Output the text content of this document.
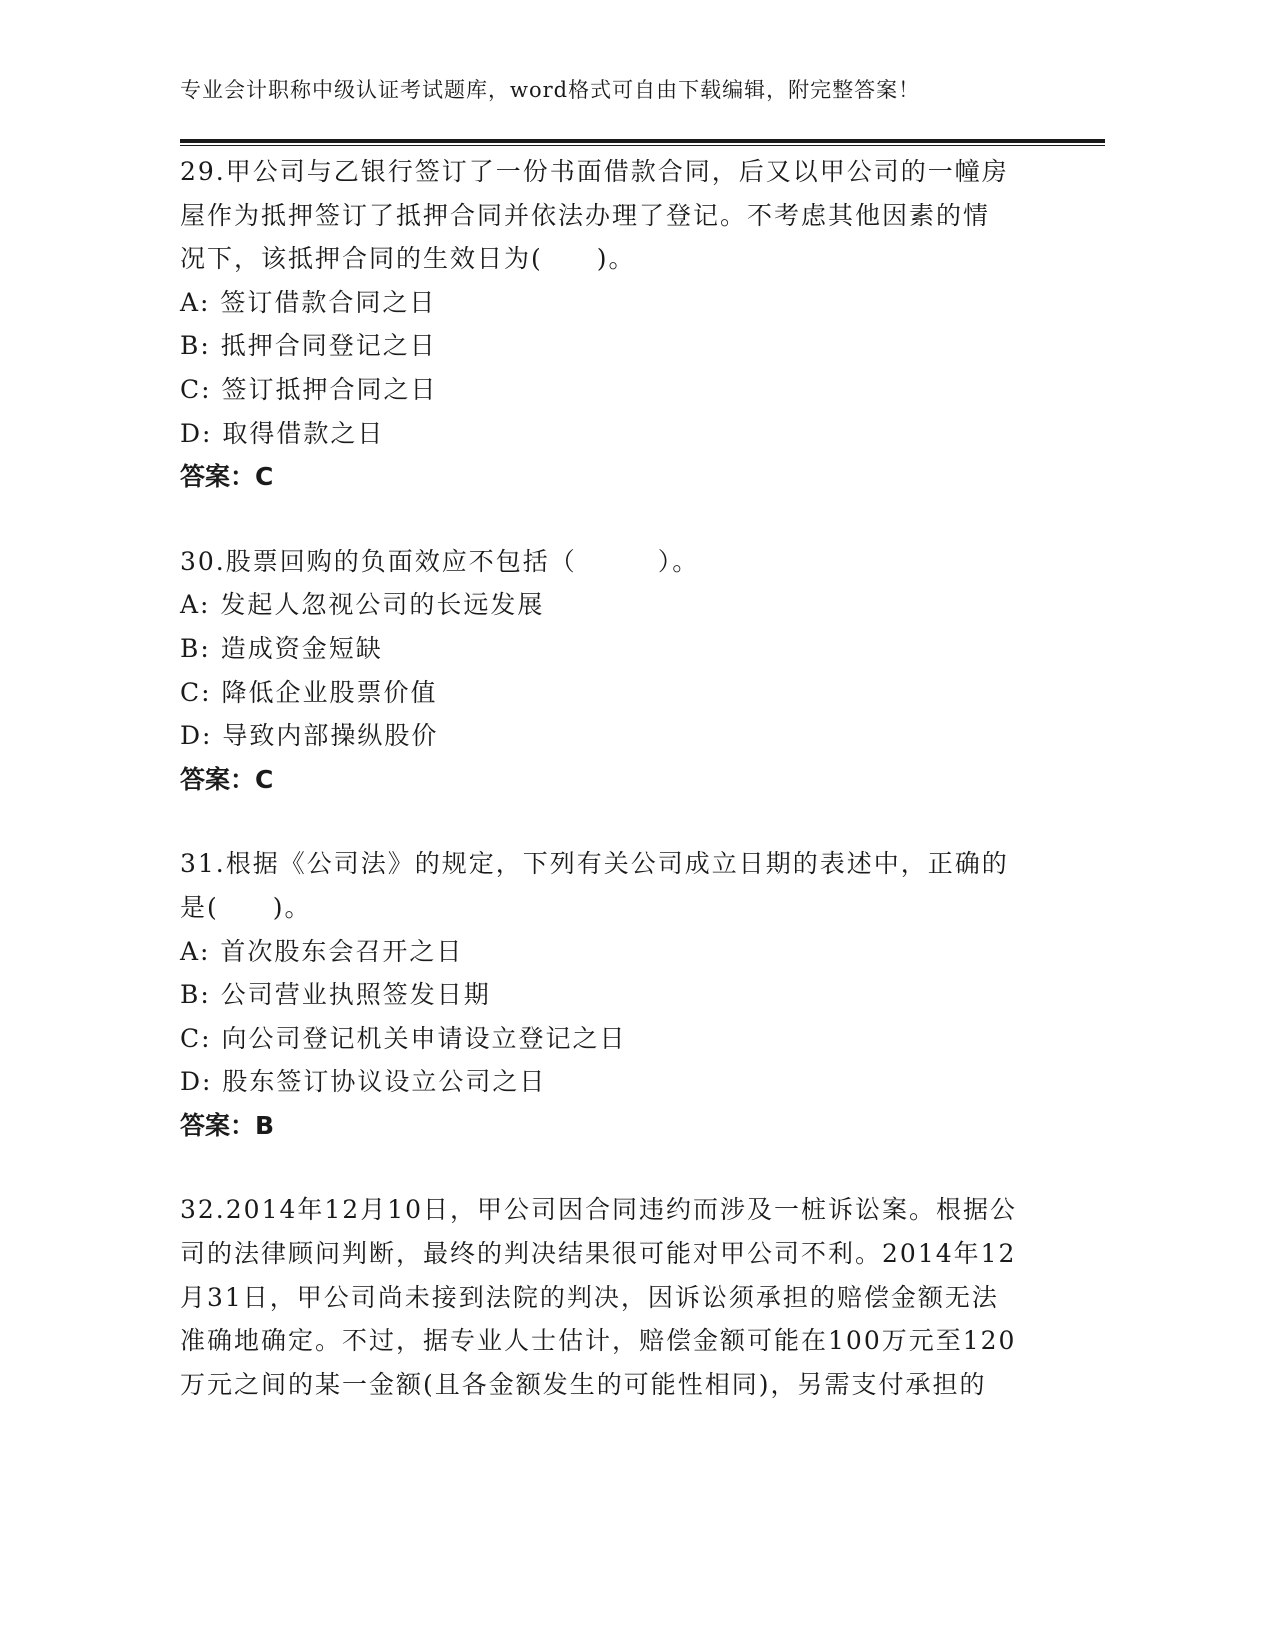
专业会计职称中级认证考试题库，word格式可自由下载编辑，附完整答案！
29.甲公司与乙银行签订了一份书面借款合同，后又以甲公司的一幢房
屋作为抵押签订了抵押合同并依法办理了登记。不考虑其他因素的情
况下，该抵押合同的生效日为(　　)。
A: 签订借款合同之日
B: 抵押合同登记之日
C: 签订抵押合同之日
D: 取得借款之日
答案：C
30.股票回购的负面效应不包括（　　　）。
A: 发起人忽视公司的长远发展
B: 造成资金短缺
C: 降低企业股票价值
D: 导致内部操纵股价
答案：C
31.根据《公司法》的规定，下列有关公司成立日期的表述中，正确的
是(　　)。
A: 首次股东会召开之日
B: 公司营业执照签发日期
C: 向公司登记机关申请设立登记之日
D: 股东签订协议设立公司之日
答案：B
32.2014年12月10日，甲公司因合同违约而涉及一桩诉讼案。根据公
司的法律顾问判断，最终的判决结果很可能对甲公司不利。2014年12
月31日，甲公司尚未接到法院的判决，因诉讼须承担的赔偿金额无法
准确地确定。不过，据专业人士估计，赔偿金额可能在100万元至120
万元之间的某一金额(且各金额发生的可能性相同)，另需支付承担的
